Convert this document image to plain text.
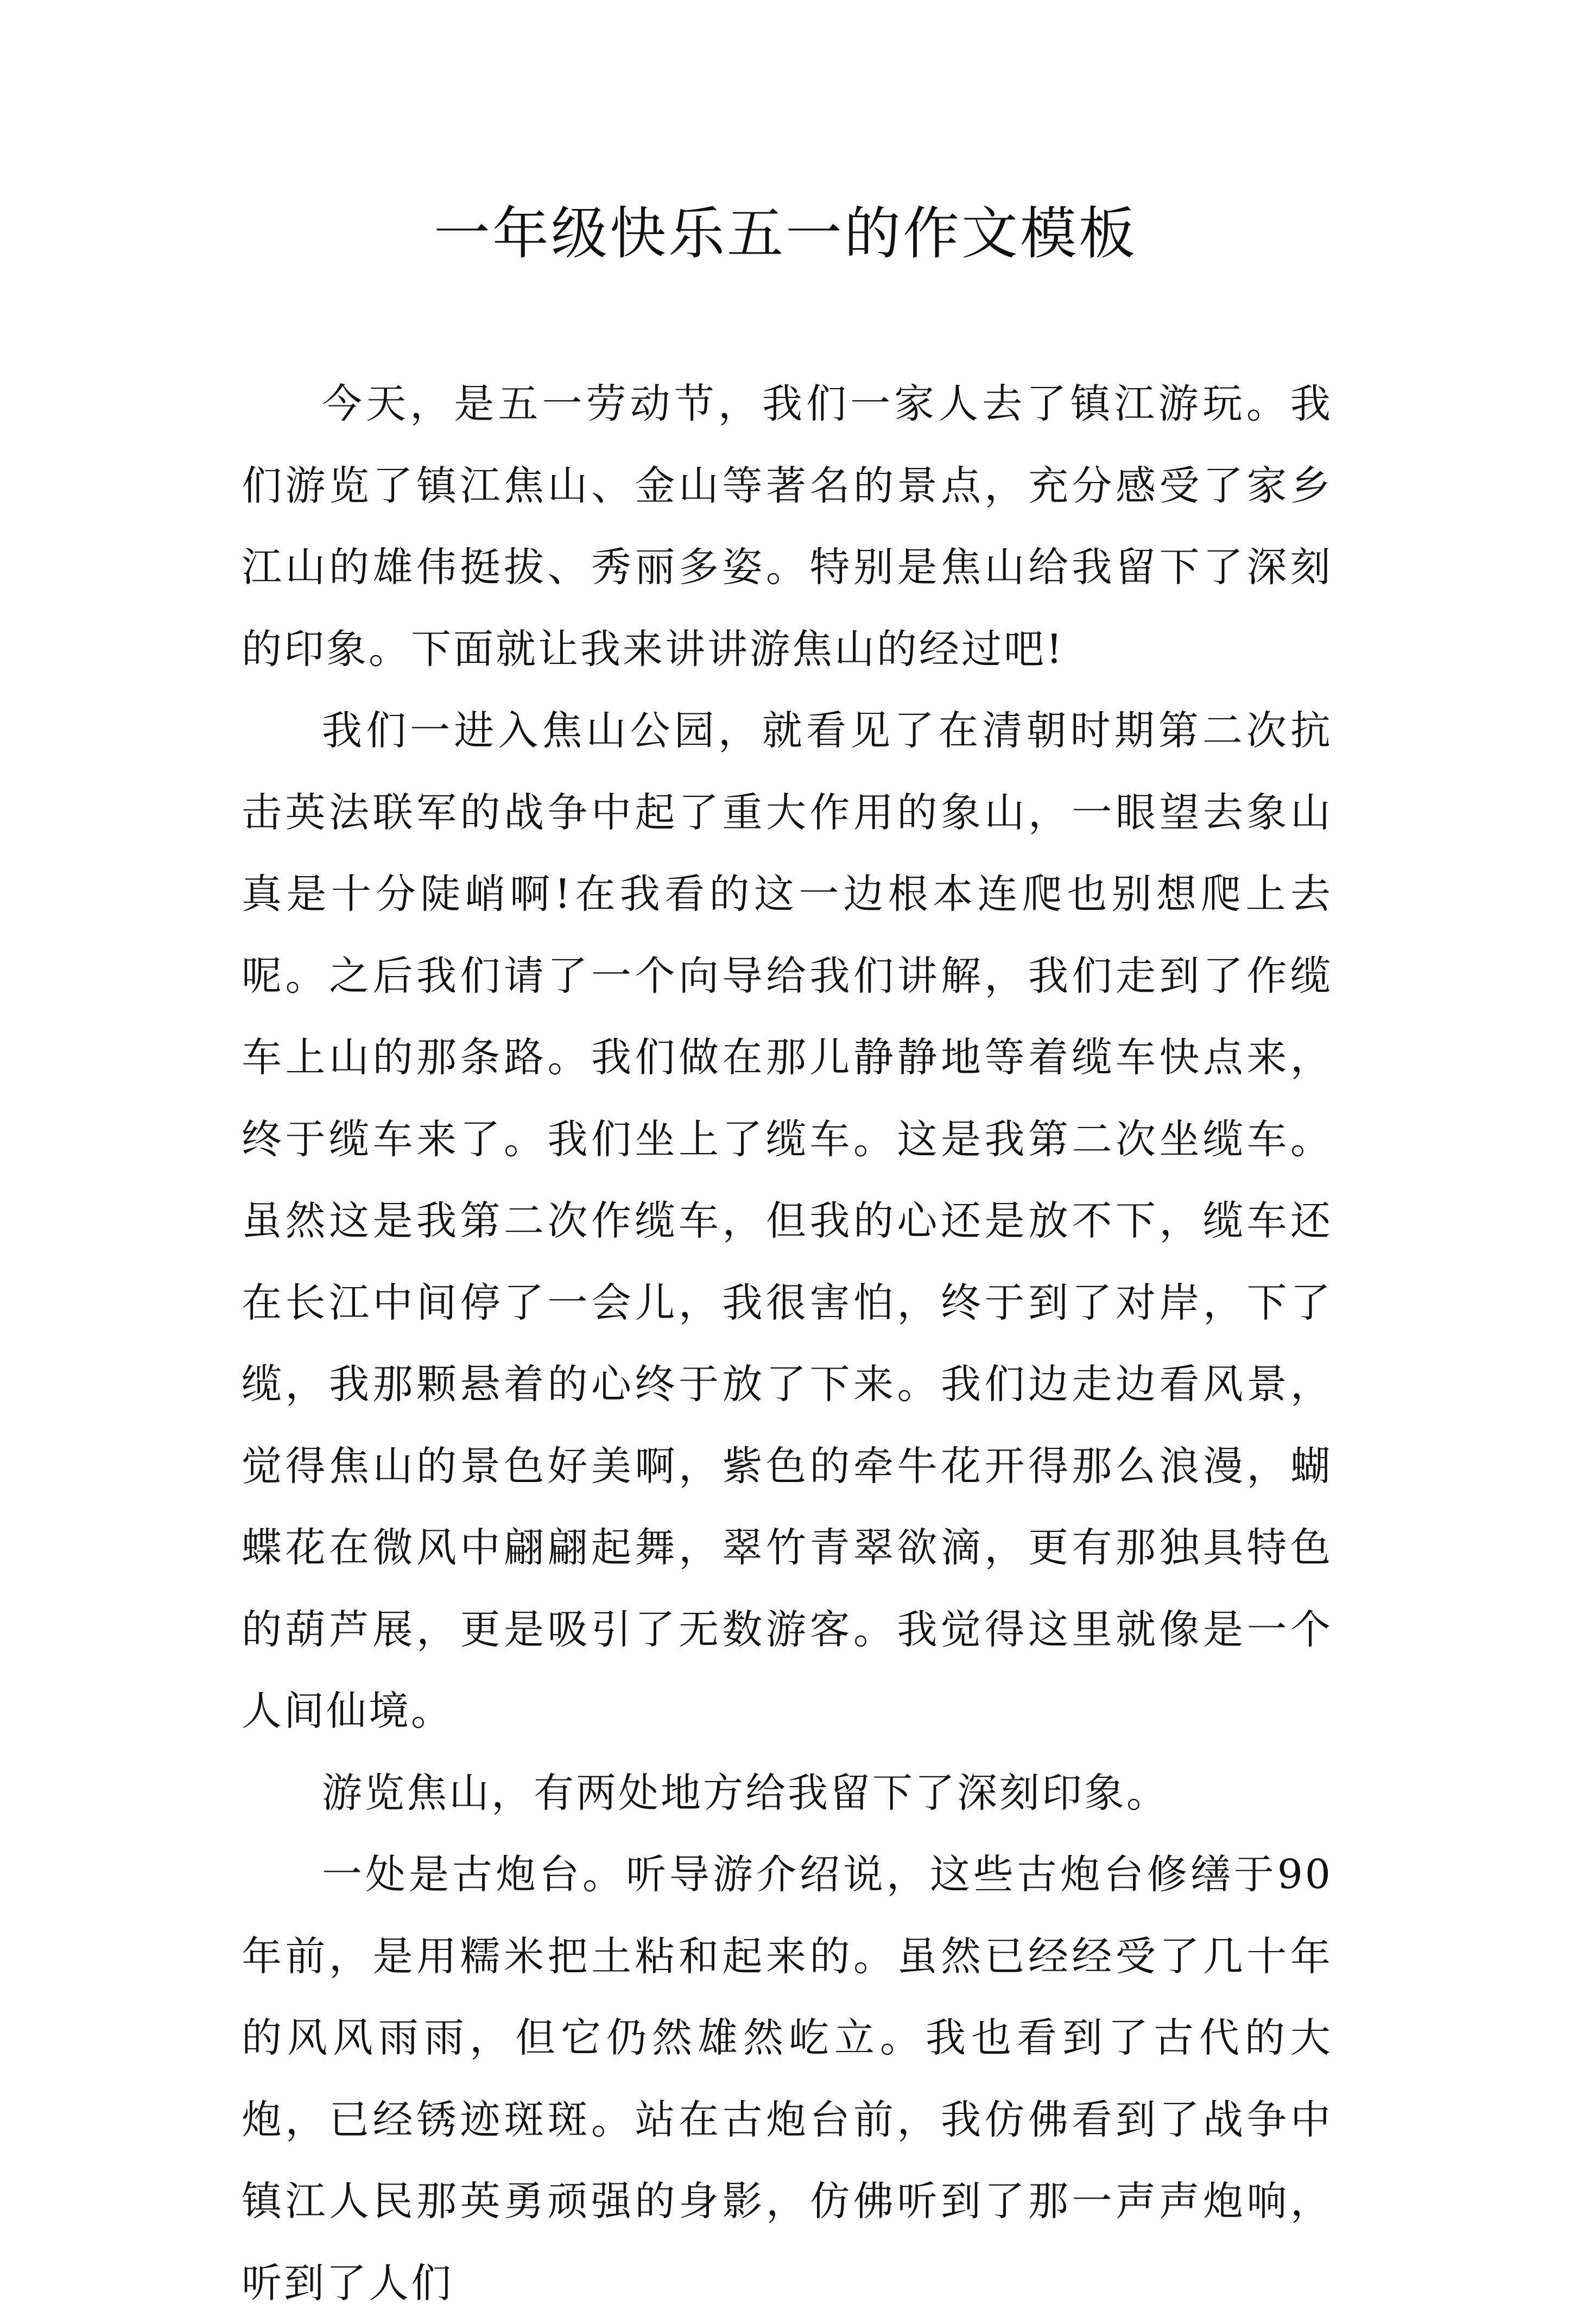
一年级快乐五一的作文模板

今天，是五一劳动节，我们一家人去了镇江游玩。我们游览了镇江焦山、金山等著名的景点，充分感受了家乡江山的雄伟挺拔、秀丽多姿。特别是焦山给我留下了深刻的印象。下面就让我来讲讲游焦山的经过吧!

我们一进入焦山公园，就看见了在清朝时期第二次抗击英法联军的战争中起了重大作用的象山，一眼望去象山真是十分陡峭啊!在我看的这一边根本连爬也别想爬上去呢。之后我们请了一个向导给我们讲解，我们走到了作缆车上山的那条路。我们做在那儿静静地等着缆车快点来，终于缆车来了。我们坐上了缆车。这是我第二次坐缆车。虽然这是我第二次作缆车，但我的心还是放不下，缆车还在长江中间停了一会儿，我很害怕，终于到了对岸，下了缆，我那颗悬着的心终于放了下来。我们边走边看风景，觉得焦山的景色好美啊，紫色的牵牛花开得那么浪漫，蝴蝶花在微风中翩翩起舞，翠竹青翠欲滴，更有那独具特色的葫芦展，更是吸引了无数游客。我觉得这里就像是一个人间仙境。

游览焦山，有两处地方给我留下了深刻印象。

一处是古炮台。听导游介绍说，这些古炮台修缮于90年前，是用糯米把土粘和起来的。虽然已经经受了几十年的风风雨雨，但它仍然雄然屹立。我也看到了古代的大炮，已经锈迹斑斑。站在古炮台前，我仿佛看到了战争中镇江人民那英勇顽强的身影，仿佛听到了那一声声炮响，听到了人们
